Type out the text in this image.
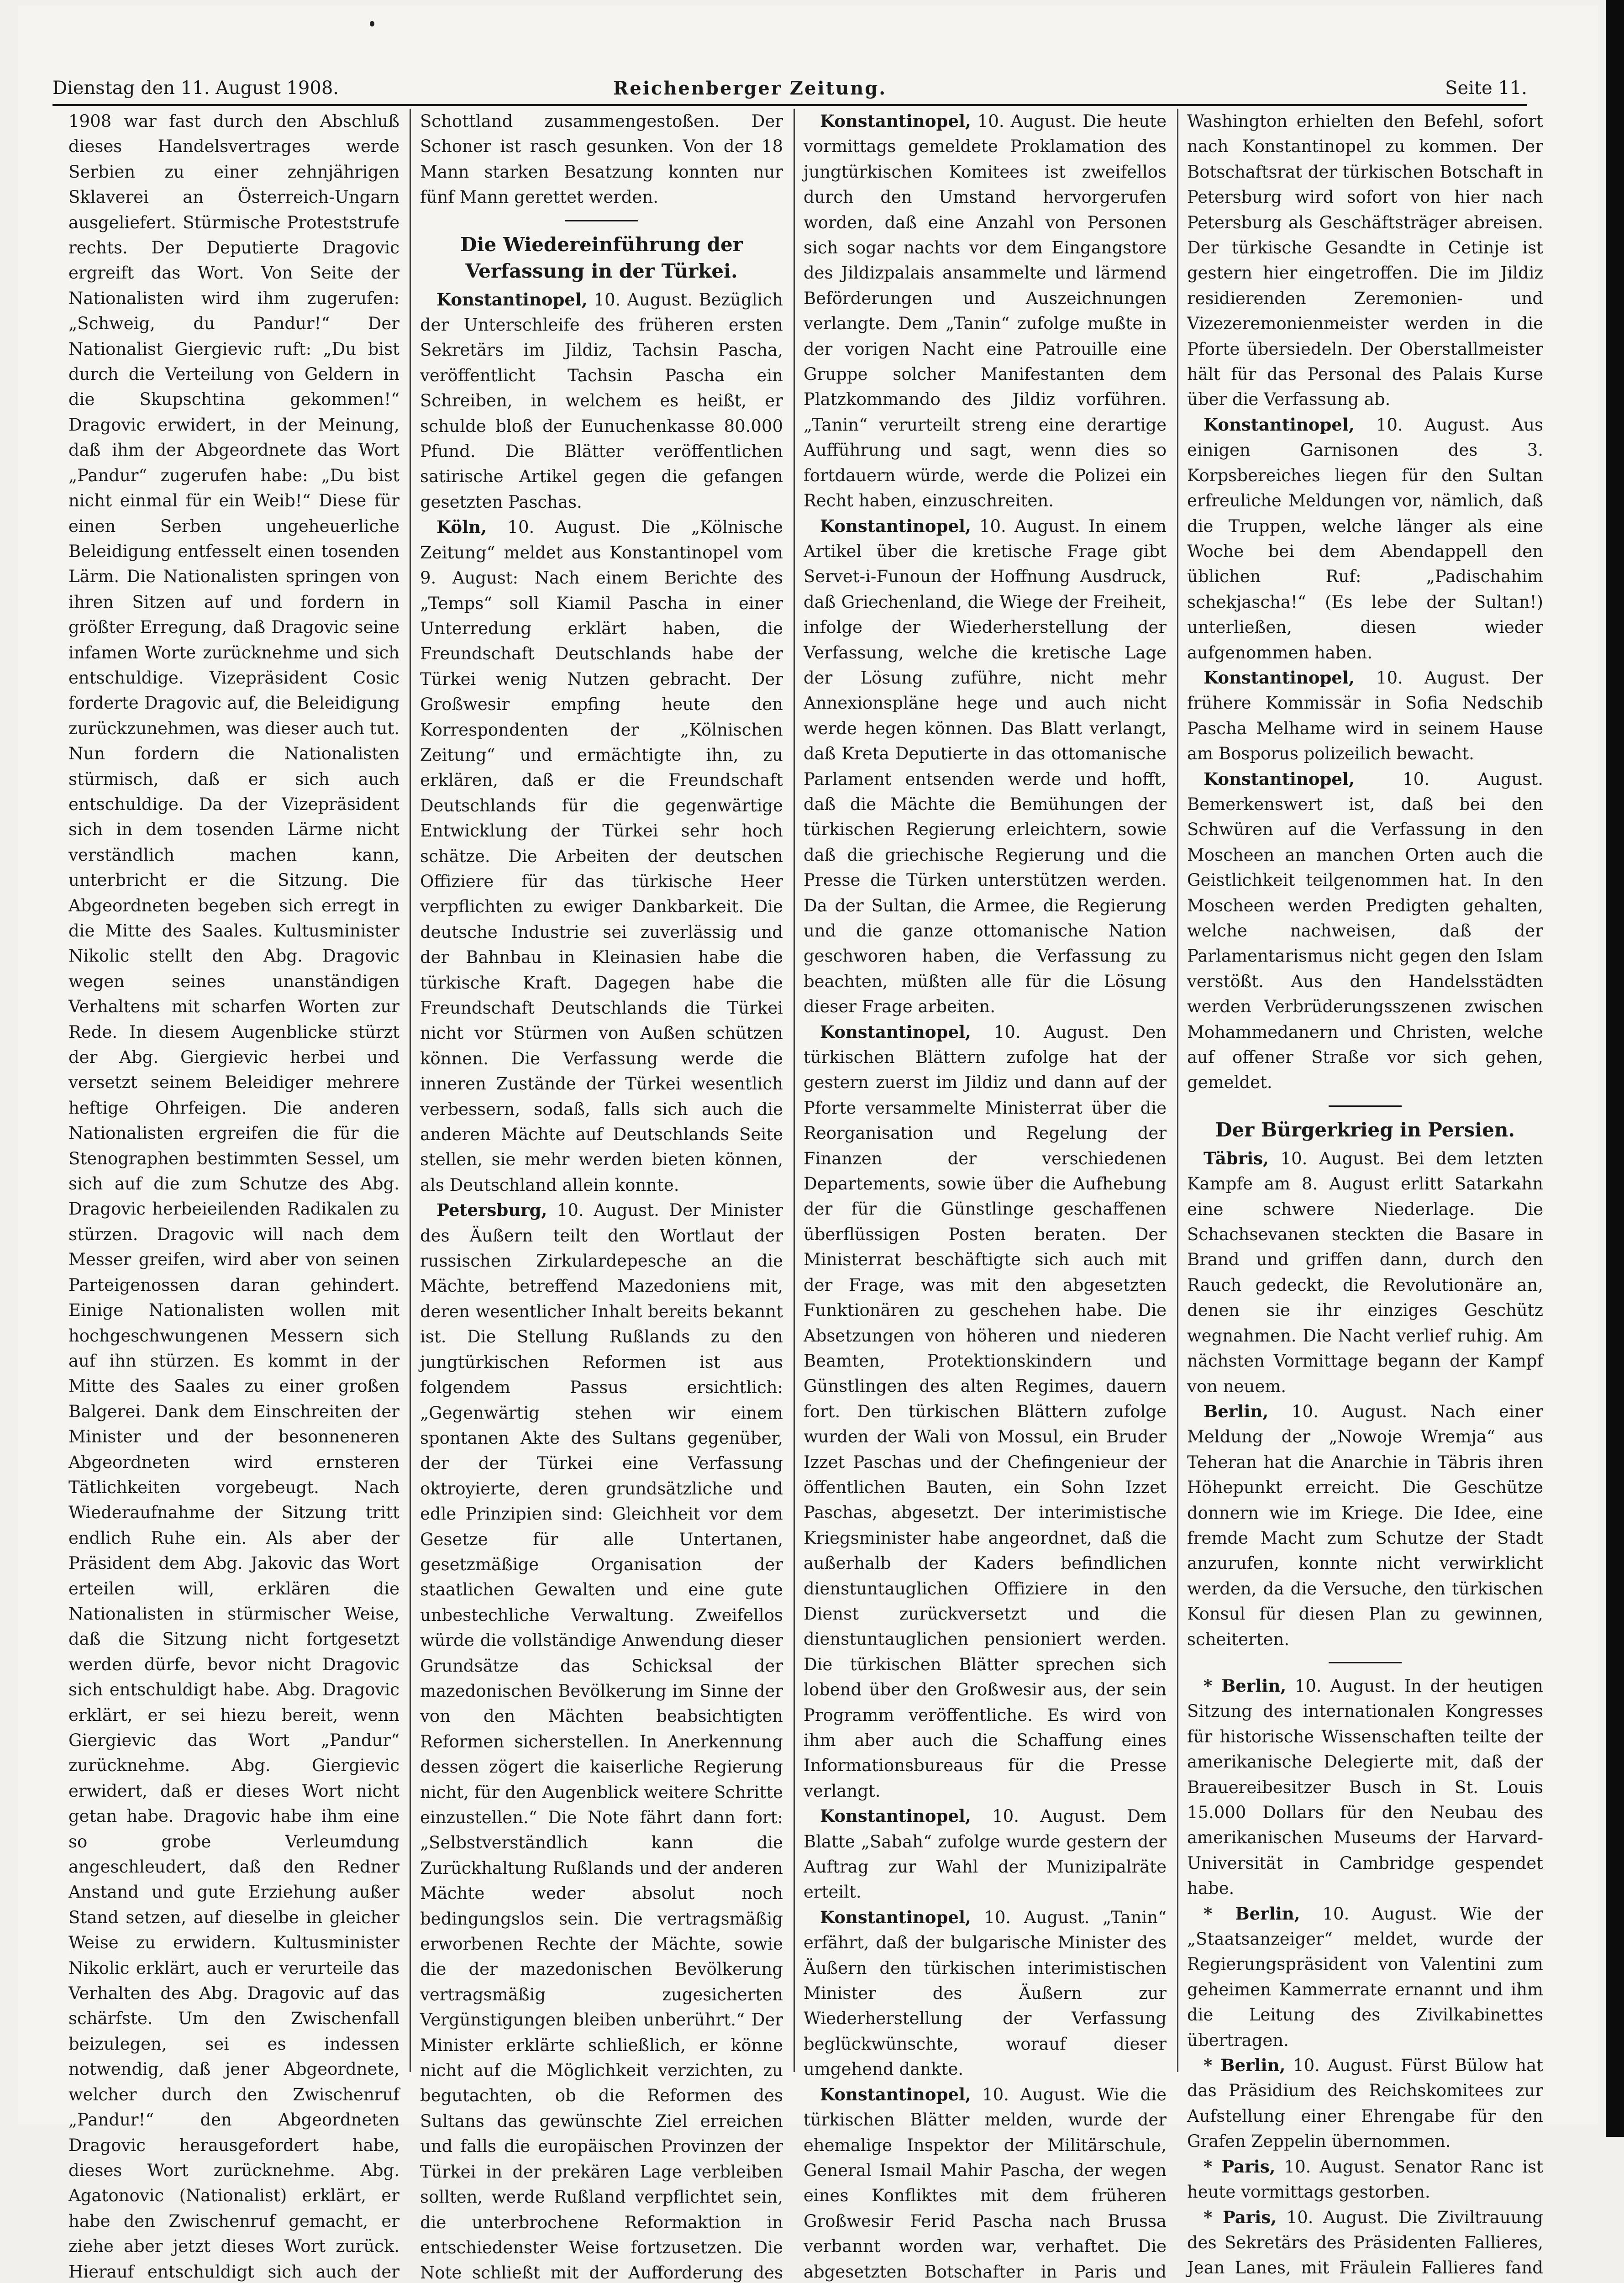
Dienstag den 11. August 1908.	Reichenberger Zeitung.	Seite 11.

1908 war fast durch den Abschluß dieses Handelsvertrages werde Serbien zu einer zehnjährigen Sklaverei an Österreich-Ungarn ausgeliefert. Stürmische Proteststrufe rechts. Der Deputierte Dragovic ergreift das Wort. Von Seite der Nationalisten wird ihm zugerufen: „Schweig, du Pandur!“ Der Nationalist Giergievic ruft: „Du bist durch die Verteilung von Geldern in die Skupschtina gekommen!“ Dragovic erwidert, in der Meinung, daß ihm der Abgeordnete das Wort „Pandur“ zugerufen habe: „Du bist nicht einmal für ein Weib!“ Diese für einen Serben ungeheuerliche Beleidigung entfesselt einen tosenden Lärm. Die Nationalisten springen von ihren Sitzen auf und fordern in größter Erregung, daß Dragovic seine infamen Worte zurücknehme und sich entschuldige. Vizepräsident Cosic forderte Dragovic auf, die Beleidigung zurückzunehmen, was dieser auch tut. Nun fordern die Nationalisten stürmisch, daß er sich auch entschuldige. Da der Vizepräsident sich in dem tosenden Lärme nicht verständlich machen kann, unterbricht er die Sitzung. Die Abgeordneten begeben sich erregt in die Mitte des Saales. Kultusminister Nikolic stellt den Abg. Dragovic wegen seines unanständigen Verhaltens mit scharfen Worten zur Rede. In diesem Augenblicke stürzt der Abg. Giergievic herbei und versetzt seinem Beleidiger mehrere heftige Ohrfeigen. Die anderen Nationalisten ergreifen die für die Stenographen bestimmten Sessel, um sich auf die zum Schutze des Abg. Dragovic herbeieilenden Radikalen zu stürzen. Dragovic will nach dem Messer greifen, wird aber von seinen Parteigenossen daran gehindert. Einige Nationalisten wollen mit hochgeschwungenen Messern sich auf ihn stürzen. Es kommt in der Mitte des Saales zu einer großen Balgerei. Dank dem Einschreiten der Minister und der besonneneren Abgeordneten wird ernsteren Tätlichkeiten vorgebeugt. Nach Wiederaufnahme der Sitzung tritt endlich Ruhe ein. Als aber der Präsident dem Abg. Jakovic das Wort erteilen will, erklären die Nationalisten in stürmischer Weise, daß die Sitzung nicht fortgesetzt werden dürfe, bevor nicht Dragovic sich entschuldigt habe. Abg. Dragovic erklärt, er sei hiezu bereit, wenn Giergievic das Wort „Pandur“ zurücknehme. Abg. Giergievic erwidert, daß er dieses Wort nicht getan habe. Dragovic habe ihm eine so grobe Verleumdung angeschleudert, daß den Redner Anstand und gute Erziehung außer Stand setzen, auf dieselbe in gleicher Weise zu erwidern. Kultusminister Nikolic erklärt, auch er verurteile das Verhalten des Abg. Dragovic auf das schärfste. Um den Zwischenfall beizulegen, sei es indessen notwendig, daß jener Abgeordnete, welcher durch den Zwischenruf „Pandur!“ den Abgeordneten Dragovic herausgefordert habe, dieses Wort zurücknehme. Abg. Agatonovic (Nationalist) erklärt, er habe den Zwischenruf gemacht, er ziehe aber jetzt dieses Wort zurück. Hierauf entschuldigt sich auch der

Schottland zusammengestoßen. Der Schoner ist rasch gesunken. Von der 18 Mann starken Besatzung konnten nur fünf Mann gerettet werden.

Die Wiedereinführung der Verfassung in der Türkei.

Konstantinopel, 10. August. Bezüglich der Unterschleife des früheren ersten Sekretärs im Jildiz, Tachsin Pascha, veröffentlicht Tachsin Pascha ein Schreiben, in welchem es heißt, er schulde bloß der Eunuchenkasse 80.000 Pfund. Die Blätter veröffentlichen satirische Artikel gegen die gefangen gesetzten Paschas.

Köln, 10. August. Die „Kölnische Zeitung“ meldet aus Konstantinopel vom 9. August: Nach einem Berichte des „Temps“ soll Kiamil Pascha in einer Unterredung erklärt haben, die Freundschaft Deutschlands habe der Türkei wenig Nutzen gebracht. Der Großwesir empfing heute den Korrespondenten der „Kölnischen Zeitung“ und ermächtigte ihn, zu erklären, daß er die Freundschaft Deutschlands für die gegenwärtige Entwicklung der Türkei sehr hoch schätze. Die Arbeiten der deutschen Offiziere für das türkische Heer verpflichten zu ewiger Dankbarkeit. Die deutsche Industrie sei zuverlässig und der Bahnbau in Kleinasien habe die türkische Kraft. Dagegen habe die Freundschaft Deutschlands die Türkei nicht vor Stürmen von Außen schützen können. Die Verfassung werde die inneren Zustände der Türkei wesentlich verbessern, sodaß, falls sich auch die anderen Mächte auf Deutschlands Seite stellen, sie mehr werden bieten können, als Deutschland allein konnte.

Petersburg, 10. August. Der Minister des Äußern teilt den Wortlaut der russischen Zirkulardepesche an die Mächte, betreffend Mazedoniens mit, deren wesentlicher Inhalt bereits bekannt ist. Die Stellung Rußlands zu den jungtürkischen Reformen ist aus folgendem Passus ersichtlich: „Gegenwärtig stehen wir einem spontanen Akte des Sultans gegenüber, der der Türkei eine Verfassung oktroyierte, deren grundsätzliche und edle Prinzipien sind: Gleichheit vor dem Gesetze für alle Untertanen, gesetzmäßige Organisation der staatlichen Gewalten und eine gute unbestechliche Verwaltung. Zweifellos würde die vollständige Anwendung dieser Grundsätze das Schicksal der mazedonischen Bevölkerung im Sinne der von den Mächten beabsichtigten Reformen sicherstellen. In Anerkennung dessen zögert die kaiserliche Regierung nicht, für den Augenblick weitere Schritte einzustellen.“ Die Note fährt dann fort: „Selbstverständlich kann die Zurückhaltung Rußlands und der anderen Mächte weder absolut noch bedingungslos sein. Die vertragsmäßig erworbenen Rechte der Mächte, sowie die der mazedonischen Bevölkerung vertragsmäßig zugesicherten Vergünstigungen bleiben unberührt.“ Der Minister erklärte schließlich, er könne nicht auf die Möglichkeit verzichten, zu begutachten, ob die Reformen des Sultans das gewünschte Ziel erreichen und falls die europäischen Provinzen der Türkei in der prekären Lage verbleiben sollten, werde Rußland verpflichtet sein, die unterbrochene Reformaktion in entschiedenster Weise fortzusetzen. Die Note schließt mit der Aufforderung des

Konstantinopel, 10. August. Die heute vormittags gemeldete Proklamation des jungtürkischen Komitees ist zweifellos durch den Umstand hervorgerufen worden, daß eine Anzahl von Personen sich sogar nachts vor dem Eingangstore des Jildizpalais ansammelte und lärmend Beförderungen und Auszeichnungen verlangte. Dem „Tanin“ zufolge mußte in der vorigen Nacht eine Patrouille eine Gruppe solcher Manifestanten dem Platzkommando des Jildiz vorführen. „Tanin“ verurteilt streng eine derartige Aufführung und sagt, wenn dies so fortdauern würde, werde die Polizei ein Recht haben, einzuschreiten.

Konstantinopel, 10. August. In einem Artikel über die kretische Frage gibt Servet-i-Funoun der Hoffnung Ausdruck, daß Griechenland, die Wiege der Freiheit, infolge der Wiederherstellung der Verfassung, welche die kretische Lage der Lösung zuführe, nicht mehr Annexionspläne hege und auch nicht werde hegen können. Das Blatt verlangt, daß Kreta Deputierte in das ottomanische Parlament entsenden werde und hofft, daß die Mächte die Bemühungen der türkischen Regierung erleichtern, sowie daß die griechische Regierung und die Presse die Türken unterstützen werden. Da der Sultan, die Armee, die Regierung und die ganze ottomanische Nation geschworen haben, die Verfassung zu beachten, müßten alle für die Lösung dieser Frage arbeiten.

Konstantinopel, 10. August. Den türkischen Blättern zufolge hat der gestern zuerst im Jildiz und dann auf der Pforte versammelte Ministerrat über die Reorganisation und Regelung der Finanzen der verschiedenen Departements, sowie über die Aufhebung der für die Günstlinge geschaffenen überflüssigen Posten beraten. Der Ministerrat beschäftigte sich auch mit der Frage, was mit den abgesetzten Funktionären zu geschehen habe. Die Absetzungen von höheren und niederen Beamten, Protektionskindern und Günstlingen des alten Regimes, dauern fort. Den türkischen Blättern zufolge wurden der Wali von Mossul, ein Bruder Izzet Paschas und der Chefingenieur der öffentlichen Bauten, ein Sohn Izzet Paschas, abgesetzt. Der interimistische Kriegsminister habe angeordnet, daß die außerhalb der Kaders befindlichen dienstuntauglichen Offiziere in den Dienst zurückversetzt und die dienstuntauglichen pensioniert werden. Die türkischen Blätter sprechen sich lobend über den Großwesir aus, der sein Programm veröffentliche. Es wird von ihm aber auch die Schaffung eines Informationsbureaus für die Presse verlangt.

Konstantinopel, 10. August. Dem Blatte „Sabah“ zufolge wurde gestern der Auftrag zur Wahl der Munizipalräte erteilt.

Konstantinopel, 10. August. „Tanin“ erfährt, daß der bulgarische Minister des Äußern den türkischen interimistischen Minister des Äußern zur Wiederherstellung der Verfassung beglückwünschte, worauf dieser umgehend dankte.

Konstantinopel, 10. August. Wie die türkischen Blätter melden, wurde der ehemalige Inspektor der Militärschule, General Ismail Mahir Pascha, der wegen eines Konfliktes mit dem früheren Großwesir Ferid Pascha nach Brussa verbannt worden war, verhaftet. Die abgesetzten Botschafter in Paris und

Washington erhielten den Befehl, sofort nach Konstantinopel zu kommen. Der Botschaftsrat der türkischen Botschaft in Petersburg wird sofort von hier nach Petersburg als Geschäftsträger abreisen. Der türkische Gesandte in Cetinje ist gestern hier eingetroffen. Die im Jildiz residierenden Zeremonien- und Vizezeremonienmeister werden in die Pforte übersiedeln. Der Oberstallmeister hält für das Personal des Palais Kurse über die Verfassung ab.

Konstantinopel, 10. August. Aus einigen Garnisonen des 3. Korpsbereiches liegen für den Sultan erfreuliche Meldungen vor, nämlich, daß die Truppen, welche länger als eine Woche bei dem Abendappell den üblichen Ruf: „Padischahim schekjascha!“ (Es lebe der Sultan!) unterließen, diesen wieder aufgenommen haben.

Konstantinopel, 10. August. Der frühere Kommissär in Sofia Nedschib Pascha Melhame wird in seinem Hause am Bosporus polizeilich bewacht.

Konstantinopel,	10. August. Bemerkenswert ist, daß bei den Schwüren auf die Verfassung in den Moscheen an manchen Orten auch die Geistlichkeit teilgenommen hat. In den Moscheen werden Predigten gehalten, welche nachweisen, daß der Parlamentarismus nicht gegen den Islam verstößt. Aus den Handelsstädten werden Verbrüderungsszenen zwischen Mohammedanern und Christen, welche auf offener Straße vor sich gehen, gemeldet.

Der Bürgerkrieg in Persien.

Täbris, 10. August. Bei dem letzten Kampfe am 8. August erlitt Satarkahn eine schwere Niederlage. Die Schachsevanen steckten die Basare in Brand und griffen dann, durch den Rauch gedeckt, die Revolutionäre an, denen sie ihr einziges Geschütz wegnahmen. Die Nacht verlief ruhig. Am nächsten Vormittage begann der Kampf von neuem.

Berlin, 10. August. Nach einer Meldung der „Nowoje Wremja“ aus Teheran hat die Anarchie in Täbris ihren Höhepunkt erreicht. Die Geschütze donnern wie im Kriege. Die Idee, eine fremde Macht zum Schutze der Stadt anzurufen, konnte nicht verwirklicht werden, da die Versuche, den türkischen Konsul für diesen Plan zu gewinnen, scheiterten.

* Berlin, 10. August. In der heutigen Sitzung des internationalen Kongresses für historische Wissenschaften teilte der amerikanische Delegierte mit, daß der Brauereibesitzer Busch in St. Louis 15.000 Dollars für den Neubau des amerikanischen Museums der Harvard-Universität in Cambridge gespendet habe.

* Berlin, 10. August. Wie der „Staatsanzeiger“ meldet, wurde der Regierungspräsident von Valentini zum geheimen Kammerrate ernannt und ihm die Leitung des Zivilkabinettes übertragen.

* Berlin, 10. August. Fürst Bülow hat das Präsidium des Reichskomitees zur Aufstellung einer Ehrengabe für den Grafen Zeppelin übernommen.

* Paris, 10. August. Senator Ranc ist heute vormittags gestorben.

* Paris, 10. August. Die Ziviltrauung des Sekretärs des Präsidenten Fallieres, Jean Lanes, mit Fräulein Fallieres fand
